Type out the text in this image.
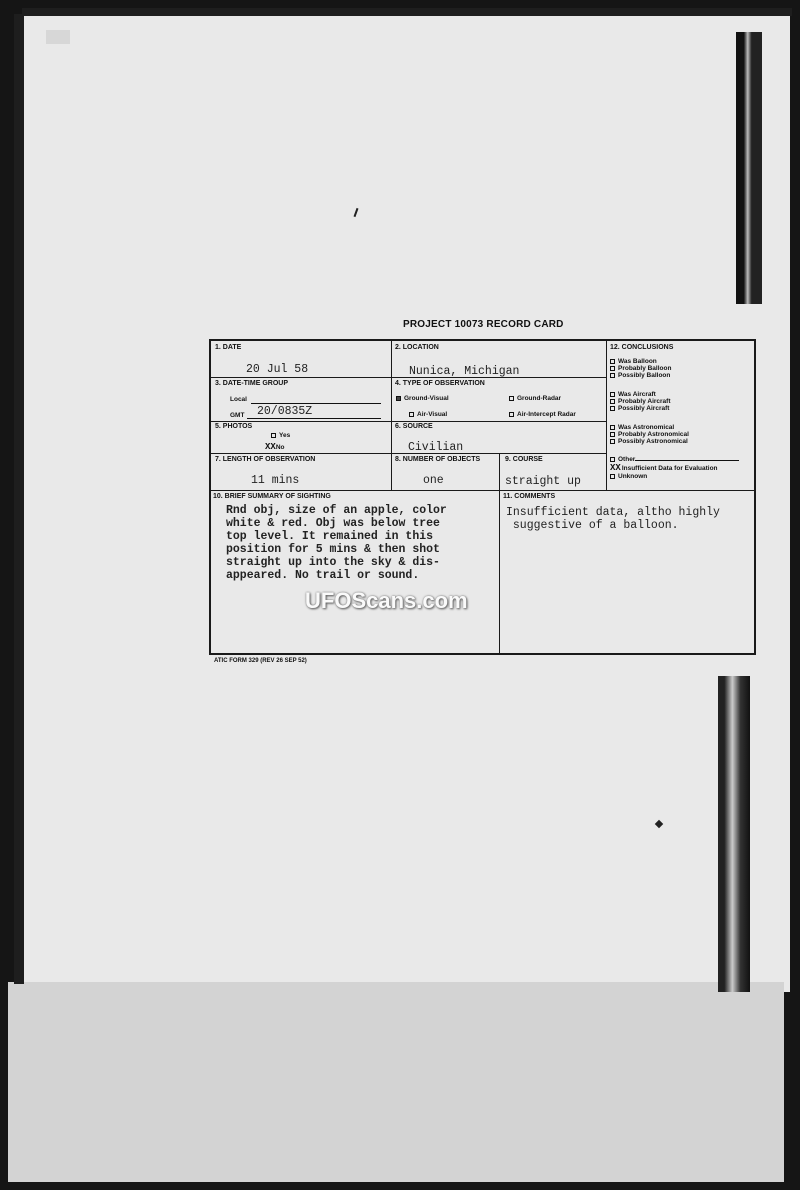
PROJECT 10073 RECORD CARD
1. DATE
20 Jul 58
2. LOCATION
Nunica, Michigan
3. DATE-TIME GROUP
Local
GMT 20/0835Z
4. TYPE OF OBSERVATION
Ground-Visual	Ground-Radar
Air-Visual	Air-Intercept Radar
5. PHOTOS
Yes
XXNo
6. SOURCE
Civilian
7. LENGTH OF OBSERVATION
11 mins
8. NUMBER OF OBJECTS
one
9. COURSE
straight up
12. CONCLUSIONS
Was Balloon
Probably Balloon
Possibly Balloon
Was Aircraft
Probably Aircraft
Possibly Aircraft
Was Astronomical
Probably Astronomical
Possibly Astronomical
Other
XXInsufficient Data for Evaluation
Unknown
10. BRIEF SUMMARY OF SIGHTING	11. COMMENTS
Rnd obj, size of an apple, color
white & red. Obj was below tree
top level. It remained in this
position for 5 mins & then shot
straight up into the sky & dis-
appeared. No trail or sound.
Insufficient data, altho highly
suggestive of a balloon.
UFOScans.com
ATIC FORM 329 (REV 26 SEP 52)
